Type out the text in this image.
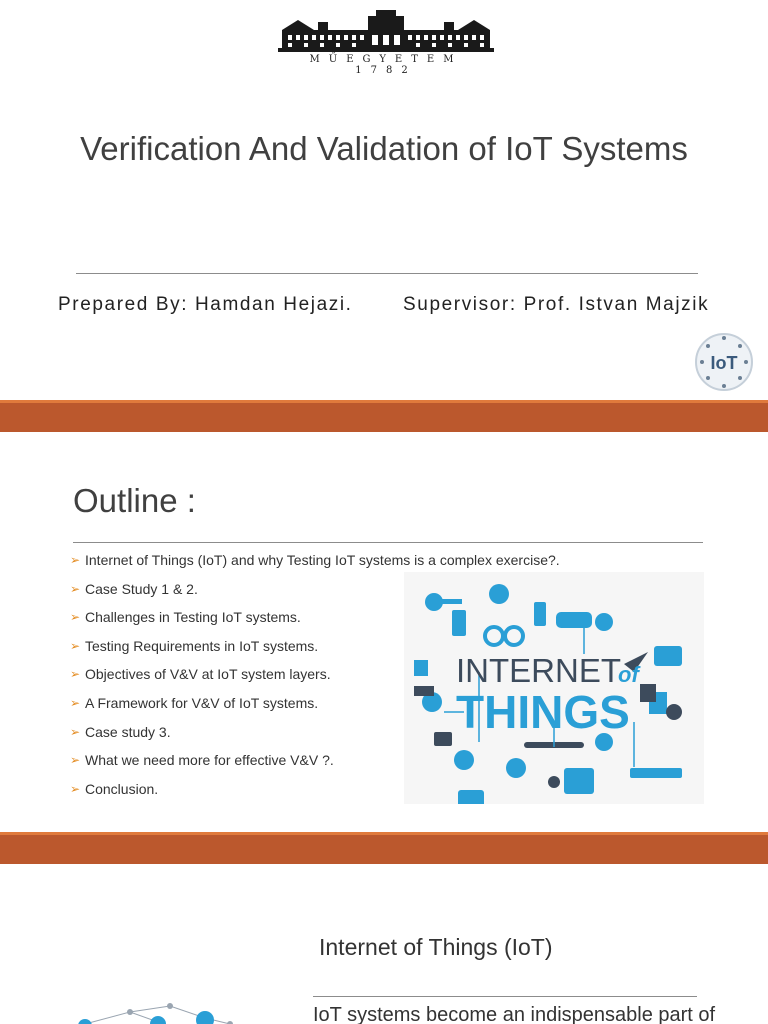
MŰEGYETEM 1782
Verification And Validation of IoT Systems
Prepared By: Hamdan Hejazi.	Supervisor: Prof. Istvan Majzik
IoT
Outline :
➢ Internet of Things (IoT) and why Testing IoT systems is a complex exercise?.
➢ Case Study 1 & 2.
➢ Challenges in Testing IoT systems.
➢ Testing Requirements in IoT systems.
➢ Objectives of V&V at IoT system layers.
➢ A Framework for V&V of IoT systems.
➢ Case study 3.
➢ What we need more for effective V&V ?.
➢ Conclusion.
INTERNET
of
THINGS
Internet of Things (IoT)
IoT systems become an indispensable part of
